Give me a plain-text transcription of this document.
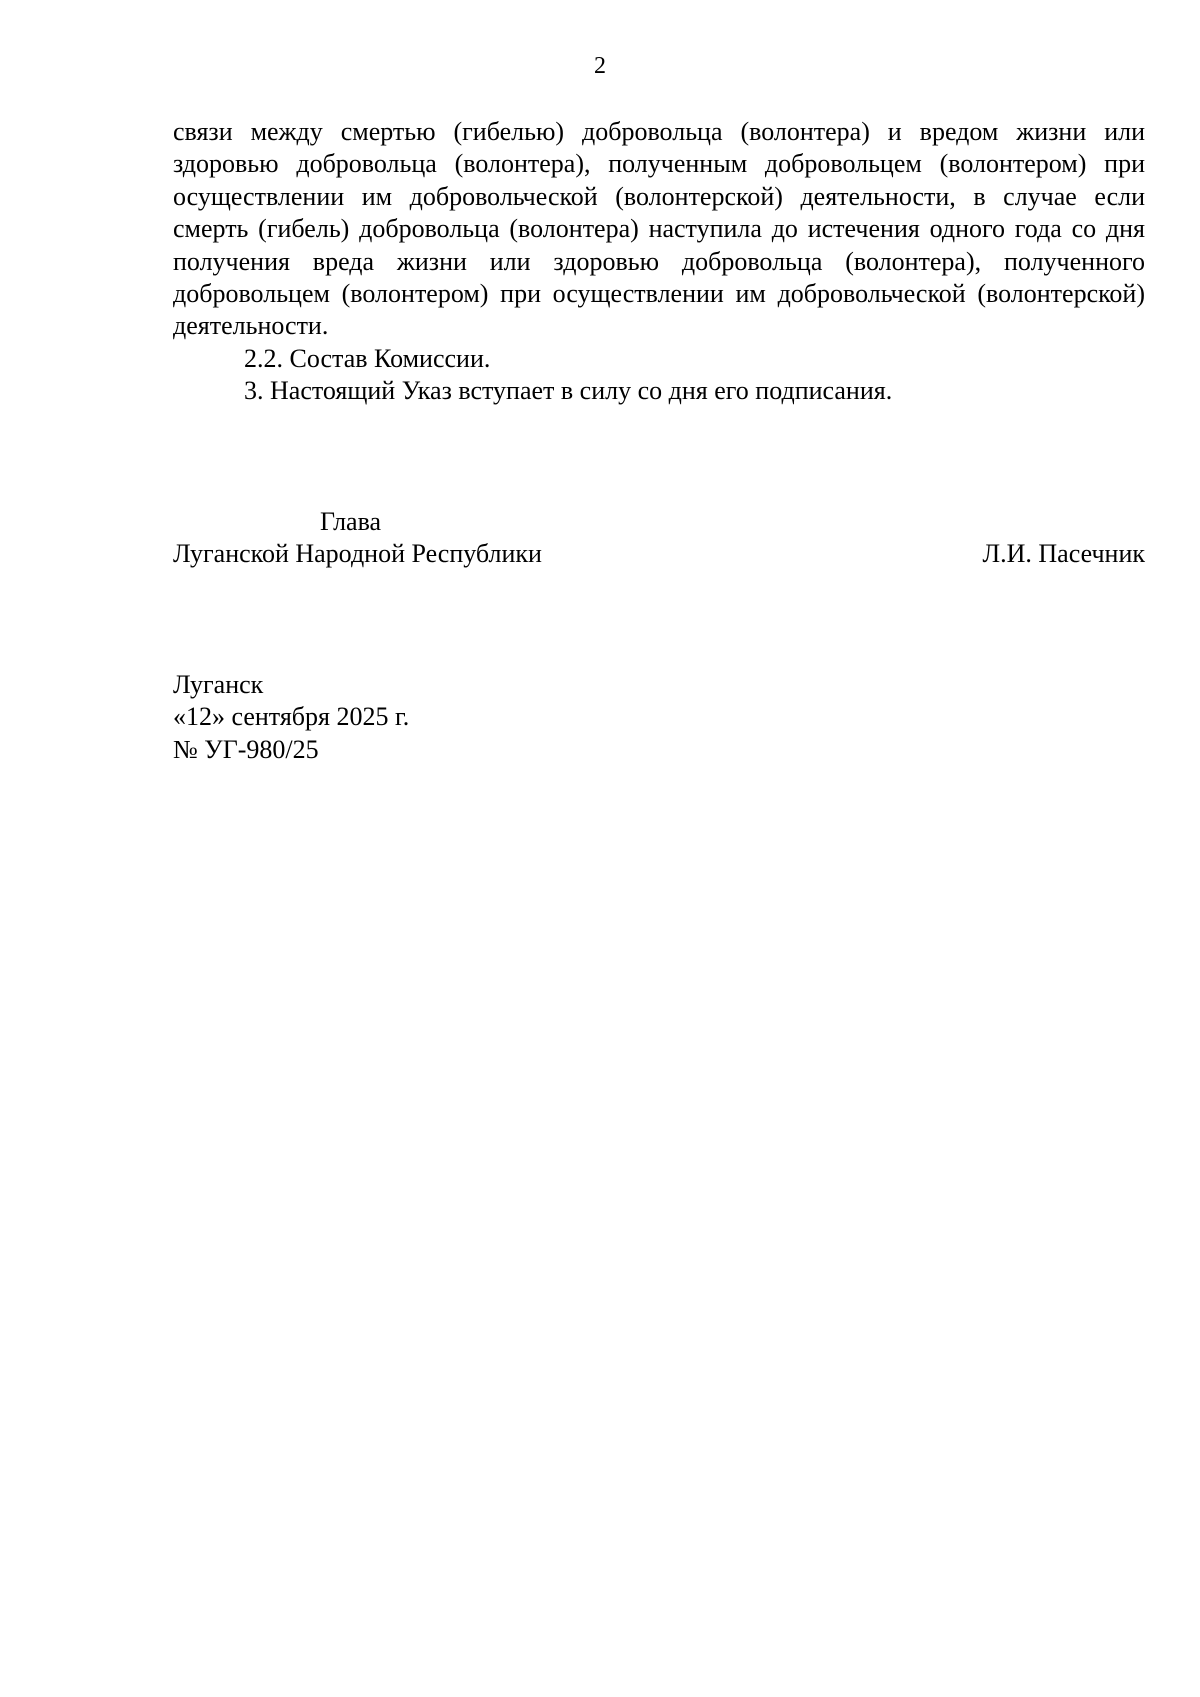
2

связи между смертью (гибелью) добровольца (волонтера) и вредом жизни или здоровью добровольца (волонтера), полученным добровольцем (волонтером) при осуществлении им добровольческой (волонтерской) деятельности, в случае если смерть (гибель) добровольца (волонтера) наступила до истечения одного года со дня получения вреда жизни или здоровью добровольца (волонтера), полученного добровольцем (волонтером) при осуществлении им добровольческой (волонтерской) деятельности.

2.2. Состав Комиссии.

3. Настоящий Указ вступает в силу со дня его подписания.

Глава
Луганской Народной Республики	Л.И. Пасечник
Луганск
«12» сентября 2025 г.
№ УГ-980/25
